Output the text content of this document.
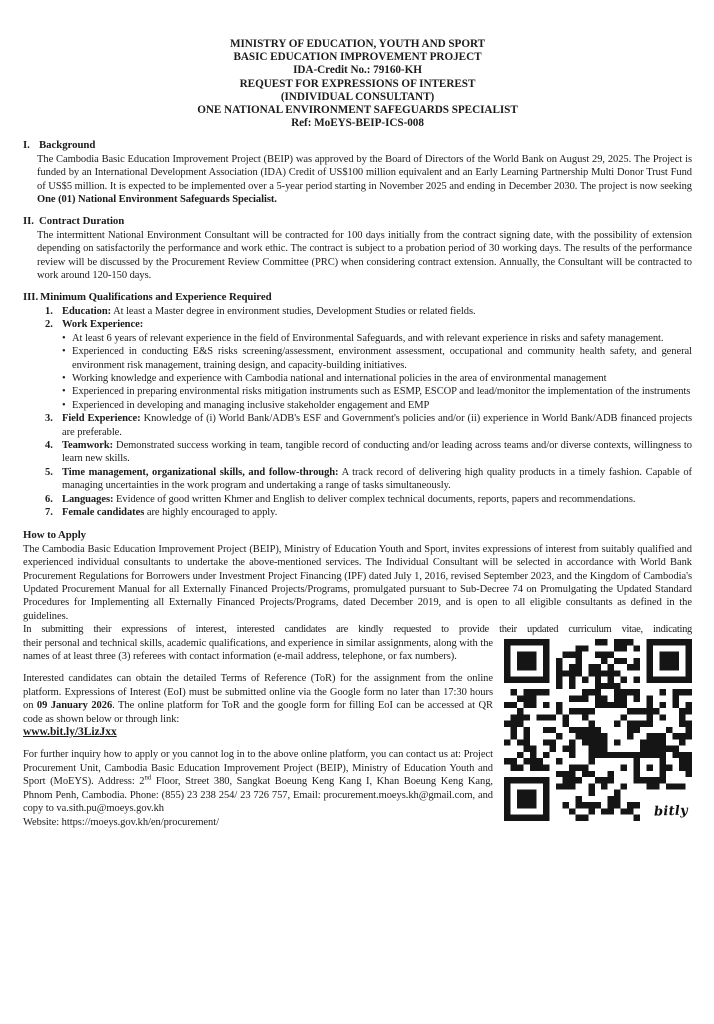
MINISTRY OF EDUCATION, YOUTH AND SPORT
BASIC EDUCATION IMPROVEMENT PROJECT
IDA-Credit No.: 79160-KH
REQUEST FOR EXPRESSIONS OF INTEREST
(INDIVIDUAL CONSULTANT)
ONE NATIONAL ENVIRONMENT SAFEGUARDS SPECIALIST
Ref: MoEYS-BEIP-ICS-008
I. Background
The Cambodia Basic Education Improvement Project (BEIP) was approved by the Board of Directors of the World Bank on August 29, 2025. The Project is funded by an International Development Association (IDA) Credit of US$100 million equivalent and an Early Learning Partnership Multi Donor Trust Fund of US$5 million. It is expected to be implemented over a 5-year period starting in November 2025 and ending in December 2030. The project is now seeking One (01) National Environment Safeguards Specialist.
II. Contract Duration
The intermittent National Environment Consultant will be contracted for 100 days initially from the contract signing date, with the possibility of extension depending on satisfactorily the performance and work ethic. The contract is subject to a probation period of 30 working days. The results of the performance review will be discussed by the Procurement Review Committee (PRC) when considering contract extension. Annually, the Consultant will be contracted to work around 120-150 days.
III. Minimum Qualifications and Experience Required
1. Education: At least a Master degree in environment studies, Development Studies or related fields.
2. Work Experience:
• At least 6 years of relevant experience in the field of Environmental Safeguards, and with relevant experience in risks and safety management.
• Experienced in conducting E&S risks screening/assessment, environment assessment, occupational and community health safety, and general environment risk management, training design, and capacity-building initiatives.
• Working knowledge and experience with Cambodia national and international policies in the area of environmental management
• Experienced in preparing environmental risks mitigation instruments such as ESMP, ESCOP and lead/monitor the implementation of the instruments
• Experienced in developing and managing inclusive stakeholder engagement and EMP
3. Field Experience: Knowledge of (i) World Bank/ADB's ESF and Government's policies and/or (ii) experience in World Bank/ADB financed projects are preferable.
4. Teamwork: Demonstrated success working in team, tangible record of conducting and/or leading across teams and/or diverse contexts, willingness to learn new skills.
5. Time management, organizational skills, and follow-through: A track record of delivering high quality products in a timely fashion. Capable of managing uncertainties in the work program and undertaking a range of tasks simultaneously.
6. Languages: Evidence of good written Khmer and English to deliver complex technical documents, reports, papers and recommendations.
7. Female candidates are highly encouraged to apply.
How to Apply

The Cambodia Basic Education Improvement Project (BEIP), Ministry of Education Youth and Sport, invites expressions of interest from suitably qualified and experienced individual consultants to undertake the above-mentioned services. The Individual Consultant will be selected in accordance with World Bank Procurement Regulations for Borrowers under Investment Project Financing (IPF) dated July 1, 2016, revised September 2023, and the Kingdom of Cambodia's Updated Procurement Manual for all Externally Financed Projects/Programs, promulgated pursuant to Sub-Decree 74 on Promulgating the Updated Standard Procedures for Implementing all Externally Financed Projects/Programs, dated December 2019, and is open to all eligible consultants as defined in the guidelines.

In submitting their expressions of interest, interested candidates are kindly requested to provide their updated curriculum vitae, indicating

bitly

their personal and technical skills, academic qualifications, and experience in similar assignments, along with the names of at least three (3) referees with contact information (e-mail address, telephone, or fax numbers).

Interested candidates can obtain the detailed Terms of Reference (ToR) for the assignment from the online platform. Expressions of Interest (EoI) must be submitted online via the Google form no later than 17:30 hours on 09 January 2026. The online platform for ToR and the google form for filling EoI can be accessed at QR code as shown below or through link:
www.bit.ly/3LizJxx

For further inquiry how to apply or you cannot log in to the above online platform, you can contact us at: Project Procurement Unit, Cambodia Basic Education Improvement Project (BEIP), Ministry of Education Youth and Sport (MoEYS). Address: 2nd Floor, Street 380, Sangkat Boeung Keng Kang I, Khan Boeung Keng Kang, Phnom Penh, Cambodia. Phone: (855) 23 238 254/ 23 726 757, Email: procurement.moeys.kh@gmail.com, and copy to va.sith.pu@moeys.gov.kh

Website: https://moeys.gov.kh/en/procurement/
